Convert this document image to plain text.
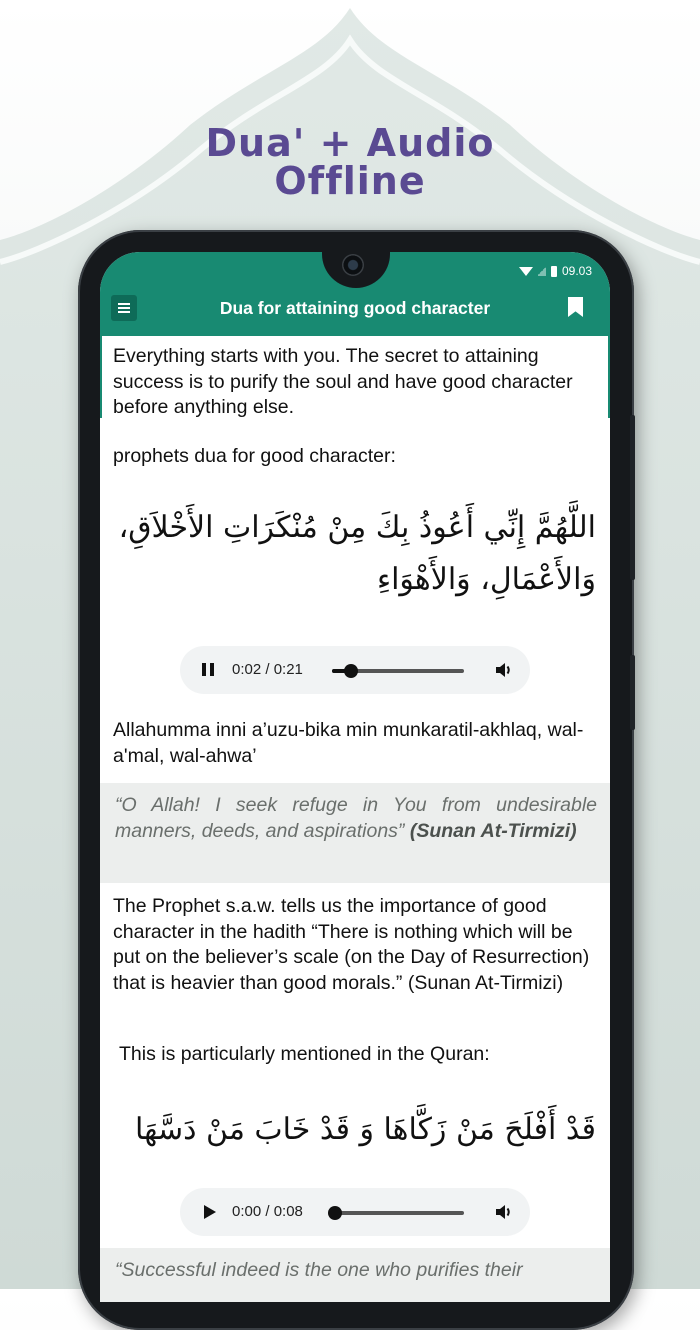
Dua' + Audio
Offline
09.03
Dua for attaining good character

Everything starts with you. The secret to attaining success is to purify the soul and have good character before anything else.

prophets dua for good character:

اللَّهُمَّ إِنِّي أَعُوذُ بِكَ مِنْ مُنْكَرَاتِ الأَخْلاَقِ، وَالأَعْمَالِ، وَالأَهْوَاءِ
0:02 / 0:21

Allahumma inni a’uzu-bika min munkaratil-akhlaq, wal-a'mal, wal-ahwa’

“O Allah! I seek refuge in You from undesirable manners, deeds, and aspirations” (Sunan At-Tirmizi)

The Prophet s.a.w. tells us the importance of good character in the hadith “There is nothing which will be put on the believer’s scale (on the Day of Resurrection) that is heavier than good morals.” (Sunan At-Tirmizi)

This is particularly mentioned in the Quran:

قَدْ أَفْلَحَ مَنْ زَكَّاهَا وَ قَدْ خَابَ مَنْ دَسَّهَا
0:00 / 0:08

“Successful indeed is the one who purifies their
